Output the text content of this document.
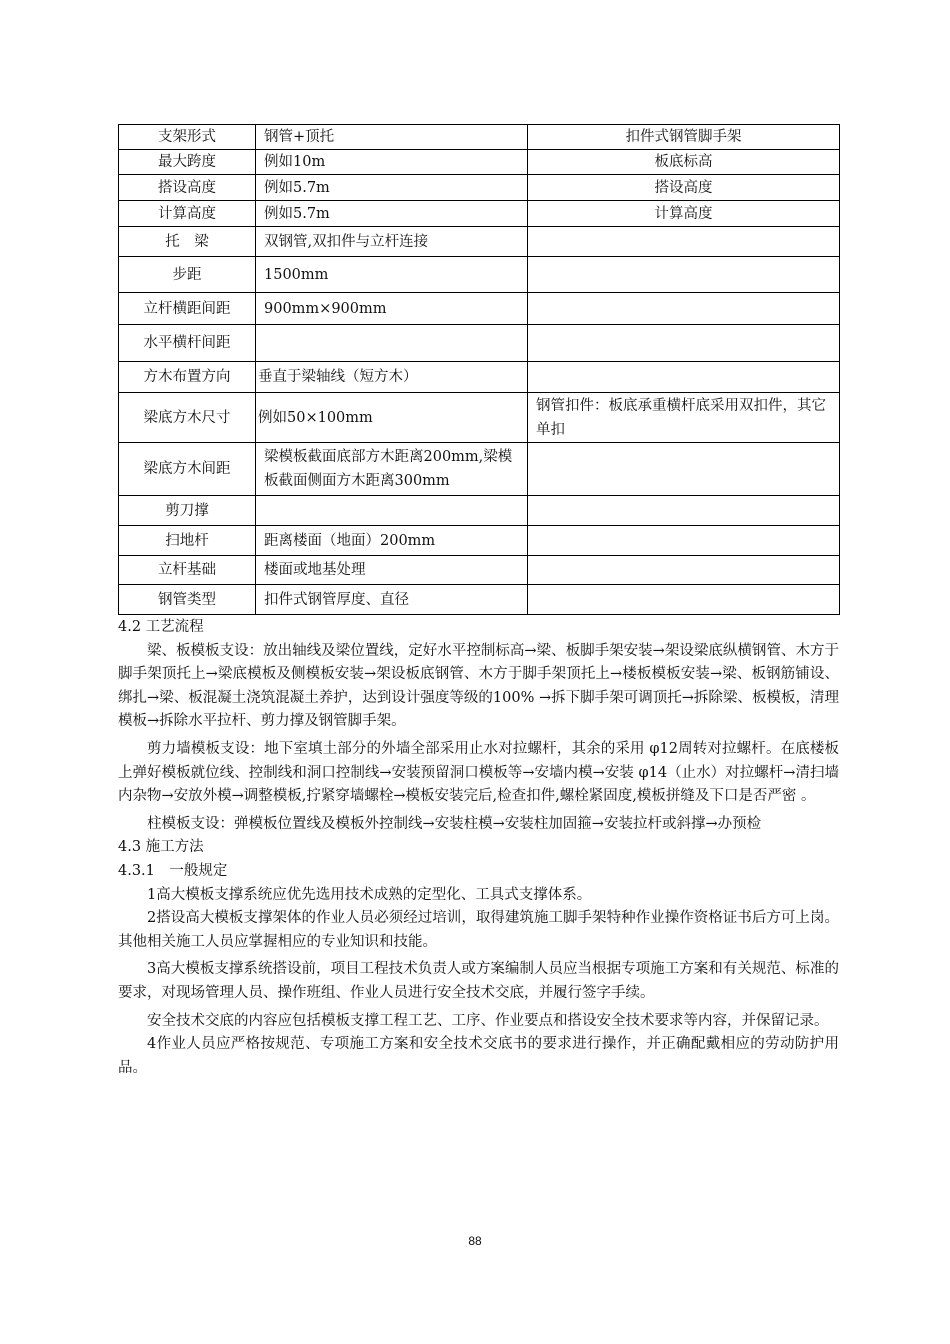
支架形式	钢管+顶托	扣件式钢管脚手架
最大跨度	例如10m	板底标高
搭设高度	例如5.7m	搭设高度
计算高度	例如5.7m	计算高度
托　梁	双钢管,双扣件与立杆连接	
步距	1500mm	
立杆横距间距	900mm×900mm	
水平横杆间距		
方木布置方向	垂直于梁轴线（短方木）	
梁底方木尺寸	例如50×100mm	钢管扣件：板底承重横杆底采用双扣件，其它单扣
梁底方木间距	梁模板截面底部方木距离200mm,梁模板截面侧面方木距离300mm	
剪刀撑		
扫地杆	距离楼面（地面）200mm	
立杆基础	楼面或地基处理	
钢管类型	扣件式钢管厚度、直径	

4.2 工艺流程

梁、板模板支设：放出轴线及梁位置线，定好水平控制标高→梁、板脚手架安装→架设梁底纵横钢管、木方于脚手架顶托上→梁底模板及侧模板安装→架设板底钢管、木方于脚手架顶托上→楼板模板安装→梁、板钢筋铺设、绑扎→梁、板混凝土浇筑混凝土养护，达到设计强度等级的100% →拆下脚手架可调顶托→拆除梁、板模板，清理模板→拆除水平拉杆、剪力撑及钢管脚手架。

剪力墙模板支设：地下室填土部分的外墙全部采用止水对拉螺杆，其余的采用 φ12周转对拉螺杆。在底楼板上弹好模板就位线、控制线和洞口控制线→安装预留洞口模板等→安墙内模→安装 φ14（止水）对拉螺杆→清扫墙内杂物→安放外模→调整模板,拧紧穿墙螺栓→模板安装完后,检查扣件,螺栓紧固度,模板拼缝及下口是否严密 。

柱模板支设：弹模板位置线及模板外控制线→安装柱模→安装柱加固箍→安装拉杆或斜撑→办预检

4.3 施工方法

4.3.1　一般规定

1高大模板支撑系统应优先选用技术成熟的定型化、工具式支撑体系。

2搭设高大模板支撑架体的作业人员必须经过培训，取得建筑施工脚手架特种作业操作资格证书后方可上岗。其他相关施工人员应掌握相应的专业知识和技能。

3高大模板支撑系统搭设前，项目工程技术负责人或方案编制人员应当根据专项施工方案和有关规范、标准的要求，对现场管理人员、操作班组、作业人员进行安全技术交底，并履行签字手续。

安全技术交底的内容应包括模板支撑工程工艺、工序、作业要点和搭设安全技术要求等内容，并保留记录。

4作业人员应严格按规范、专项施工方案和安全技术交底书的要求进行操作，并正确配戴相应的劳动防护用品。

88
